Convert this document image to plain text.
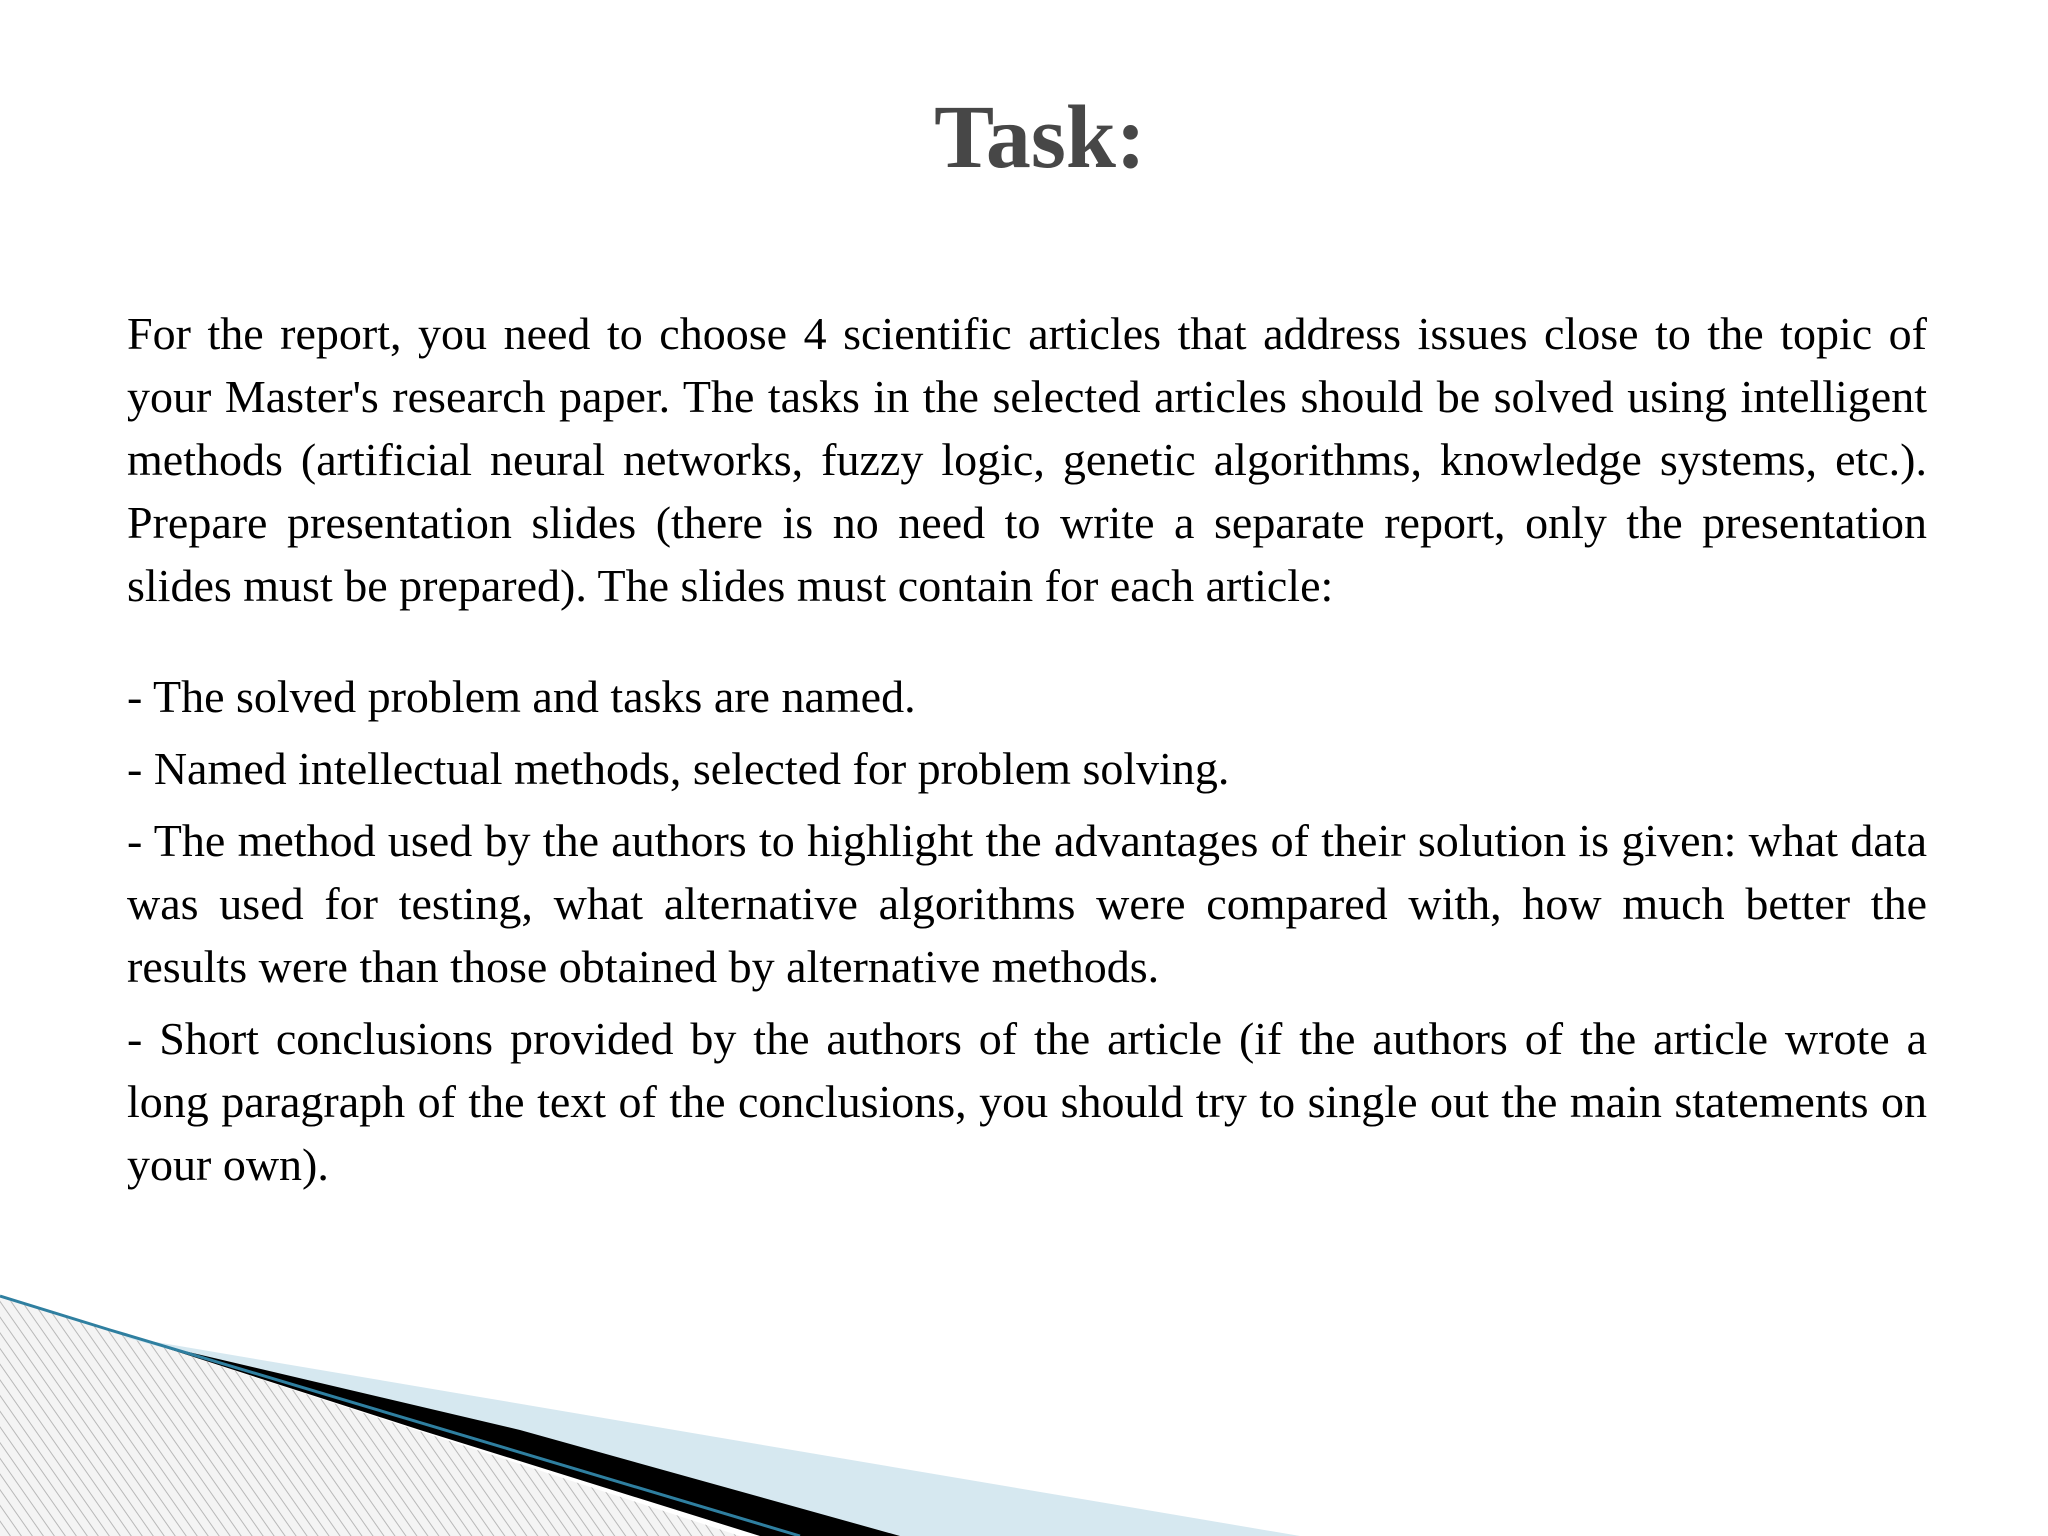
Task:

For the report, you need to choose 4 scientific articles that address issues close to the topic of your Master's research paper. The tasks in the selected articles should be solved using intelligent methods (artificial neural networks, fuzzy logic, genetic algorithms, knowledge systems, etc.). Prepare presentation slides (there is no need to write a separate report, only the presentation slides must be prepared). The slides must contain for each article:

- The solved problem and tasks are named.
- Named intellectual methods, selected for problem solving.
- The method used by the authors to highlight the advantages of their solution is given: what data was used for testing, what alternative algorithms were compared with, how much better the results were than those obtained by alternative methods.
- Short conclusions provided by the authors of the article (if the authors of the article wrote a long paragraph of the text of the conclusions, you should try to single out the main statements on your own).
